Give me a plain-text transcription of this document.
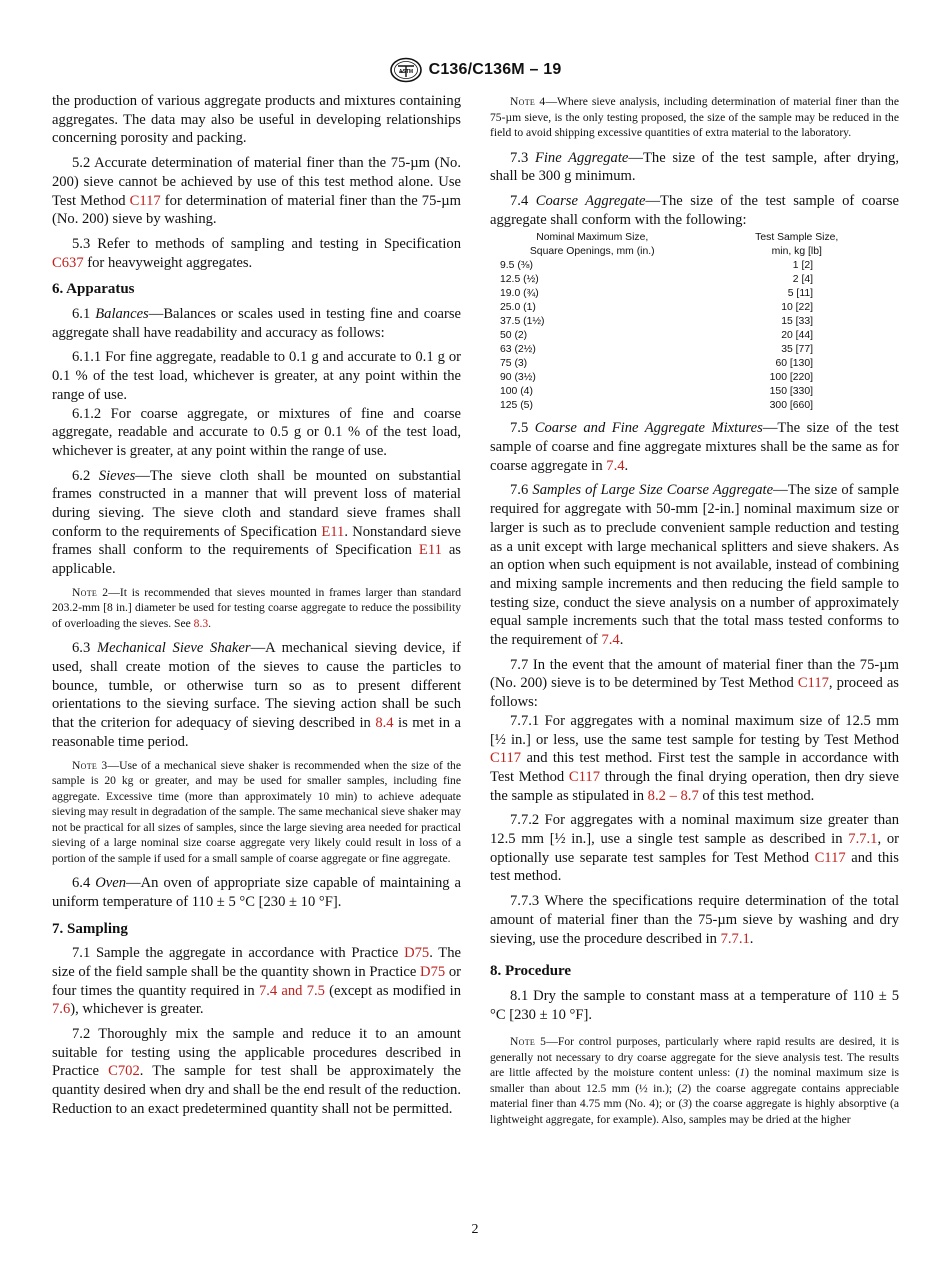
ASTM C136/C136M – 19

the production of various aggregate products and mixtures containing aggregates. The data may also be useful in developing relationships concerning porosity and packing.

5.2 Accurate determination of material finer than the 75-µm (No. 200) sieve cannot be achieved by use of this test method alone. Use Test Method C117 for determination of material finer than the 75-µm (No. 200) sieve by washing.

5.3 Refer to methods of sampling and testing in Specification C637 for heavyweight aggregates.

6. Apparatus

6.1 Balances—Balances or scales used in testing fine and coarse aggregate shall have readability and accuracy as follows:

6.1.1 For fine aggregate, readable to 0.1 g and accurate to 0.1 g or 0.1 % of the test load, whichever is greater, at any point within the range of use.

6.1.2 For coarse aggregate, or mixtures of fine and coarse aggregate, readable and accurate to 0.5 g or 0.1 % of the test load, whichever is greater, at any point within the range of use.

6.2 Sieves—The sieve cloth shall be mounted on substantial frames constructed in a manner that will prevent loss of material during sieving. The sieve cloth and standard sieve frames shall conform to the requirements of Specification E11. Nonstandard sieve frames shall conform to the requirements of Specification E11 as applicable.

Note 2—It is recommended that sieves mounted in frames larger than standard 203.2-mm [8 in.] diameter be used for testing coarse aggregate to reduce the possibility of overloading the sieves. See 8.3.

6.3 Mechanical Sieve Shaker—A mechanical sieving device, if used, shall create motion of the sieves to cause the particles to bounce, tumble, or otherwise turn so as to present different orientations to the sieving surface. The sieving action shall be such that the criterion for adequacy of sieving described in 8.4 is met in a reasonable time period.

Note 3—Use of a mechanical sieve shaker is recommended when the size of the sample is 20 kg or greater, and may be used for smaller samples, including fine aggregate. Excessive time (more than approximately 10 min) to achieve adequate sieving may result in degradation of the sample. The same mechanical sieve shaker may not be practical for all sizes of samples, since the large sieving area needed for practical sieving of a large nominal size coarse aggregate very likely could result in loss of a portion of the sample if used for a small sample of coarse aggregate or fine aggregate.

6.4 Oven—An oven of appropriate size capable of maintaining a uniform temperature of 110 ± 5 °C [230 ± 10 °F].

7. Sampling

7.1 Sample the aggregate in accordance with Practice D75. The size of the field sample shall be the quantity shown in Practice D75 or four times the quantity required in 7.4 and 7.5 (except as modified in 7.6), whichever is greater.

7.2 Thoroughly mix the sample and reduce it to an amount suitable for testing using the applicable procedures described in Practice C702. The sample for test shall be approximately the quantity desired when dry and shall be the end result of the reduction. Reduction to an exact predetermined quantity shall not be permitted.

Note 4—Where sieve analysis, including determination of material finer than the 75-µm sieve, is the only testing proposed, the size of the sample may be reduced in the field to avoid shipping excessive quantities of extra material to the laboratory.

7.3 Fine Aggregate—The size of the test sample, after drying, shall be 300 g minimum.

7.4 Coarse Aggregate—The size of the test sample of coarse aggregate shall conform with the following:

Nominal Maximum Size,
Square Openings, mm (in.)	Test Sample Size,
min, kg [lb]
9.5 (⅜)	1 [2]
12.5 (½)	2 [4]
19.0 (¾)	5 [11]
25.0 (1)	10 [22]
37.5 (1½)	15 [33]
50 (2)	20 [44]
63 (2½)	35 [77]
75 (3)	60 [130]
90 (3½)	100 [220]
100 (4)	150 [330]
125 (5)	300 [660]

7.5 Coarse and Fine Aggregate Mixtures—The size of the test sample of coarse and fine aggregate mixtures shall be the same as for coarse aggregate in 7.4.

7.6 Samples of Large Size Coarse Aggregate—The size of sample required for aggregate with 50-mm [2-in.] nominal maximum size or larger is such as to preclude convenient sample reduction and testing as a unit except with large mechanical splitters and sieve shakers. As an option when such equipment is not available, instead of combining and mixing sample increments and then reducing the field sample to testing size, conduct the sieve analysis on a number of approximately equal sample increments such that the total mass tested conforms to the requirement of 7.4.

7.7 In the event that the amount of material finer than the 75-µm (No. 200) sieve is to be determined by Test Method C117, proceed as follows:

7.7.1 For aggregates with a nominal maximum size of 12.5 mm [½ in.] or less, use the same test sample for testing by Test Method C117 and this test method. First test the sample in accordance with Test Method C117 through the final drying operation, then dry sieve the sample as stipulated in 8.2 – 8.7 of this test method.

7.7.2 For aggregates with a nominal maximum size greater than 12.5 mm [½ in.], use a single test sample as described in 7.7.1, or optionally use separate test samples for Test Method C117 and this test method.

7.7.3 Where the specifications require determination of the total amount of material finer than the 75-µm sieve by washing and dry sieving, use the procedure described in 7.7.1.

8. Procedure

8.1 Dry the sample to constant mass at a temperature of 110 ± 5 °C [230 ± 10 °F].

Note 5—For control purposes, particularly where rapid results are desired, it is generally not necessary to dry coarse aggregate for the sieve analysis test. The results are little affected by the moisture content unless: (1) the nominal maximum size is smaller than about 12.5 mm (½ in.); (2) the coarse aggregate contains appreciable material finer than 4.75 mm (No. 4); or (3) the coarse aggregate is highly absorptive (a lightweight aggregate, for example). Also, samples may be dried at the higher
2
